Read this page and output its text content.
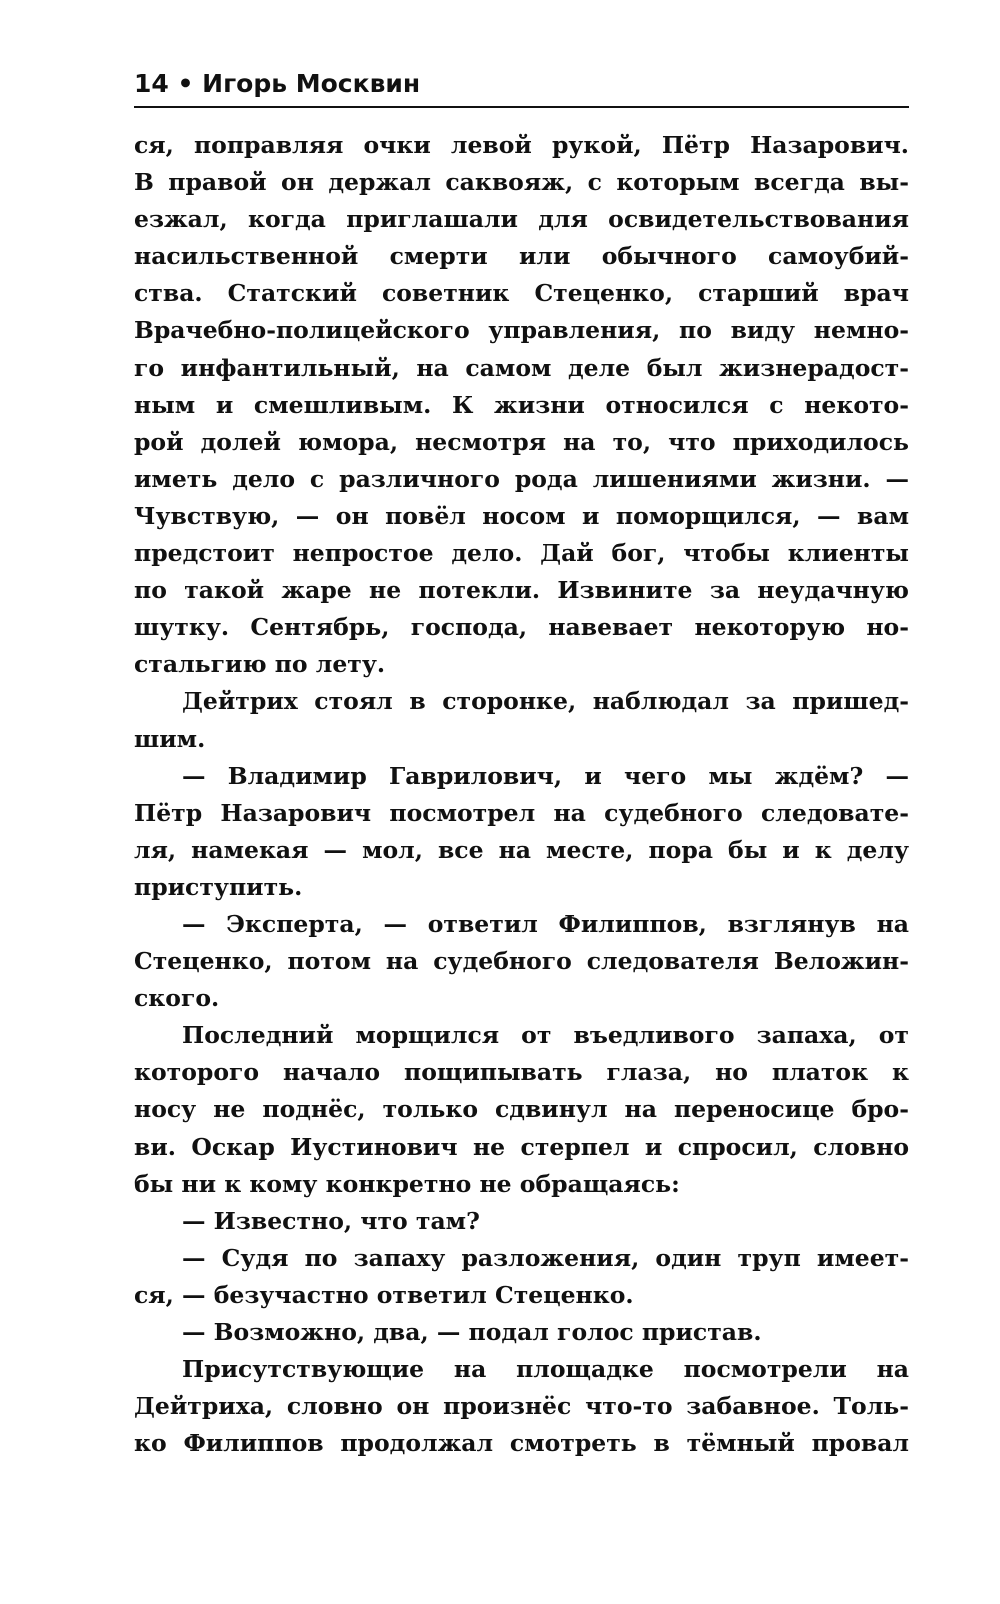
14 • Игорь Москвин
ся, поправляя очки левой рукой, Пётр Назарович.
В правой он держал саквояж, с которым всегда вы-
езжал, когда приглашали для освидетельствования
насильственной смерти или обычного самоубий-
ства. Статский советник Стеценко, старший врач
Врачебно-полицейского управления, по виду немно-
го инфантильный, на самом деле был жизнерадост-
ным и смешливым. К жизни относился с некото-
рой долей юмора, несмотря на то, что приходилось
иметь дело с различного рода лишениями жизни. —
Чувствую, — он повёл носом и поморщился, — вам
предстоит непростое дело. Дай бог, чтобы клиенты
по такой жаре не потекли. Извините за неудачную
шутку. Сентябрь, господа, навевает некоторую но-
стальгию по лету.
Дейтрих стоял в сторонке, наблюдал за пришед-
шим.
— Владимир Гаврилович, и чего мы ждём? —
Пётр Назарович посмотрел на судебного следовате-
ля, намекая — мол, все на месте, пора бы и к делу
приступить.
— Эксперта, — ответил Филиппов, взглянув на
Стеценко, потом на судебного следователя Веложин-
ского.
Последний морщился от въедливого запаха, от
которого начало пощипывать глаза, но платок к
носу не поднёс, только сдвинул на переносице бро-
ви. Оскар Иустинович не стерпел и спросил, словно
бы ни к кому конкретно не обращаясь:
— Известно, что там?
— Судя по запаху разложения, один труп имеет-
ся, — безучастно ответил Стеценко.
— Возможно, два, — подал голос пристав.
Присутствующие на площадке посмотрели на
Дейтриха, словно он произнёс что-то забавное. Толь-
ко Филиппов продолжал смотреть в тёмный провал
